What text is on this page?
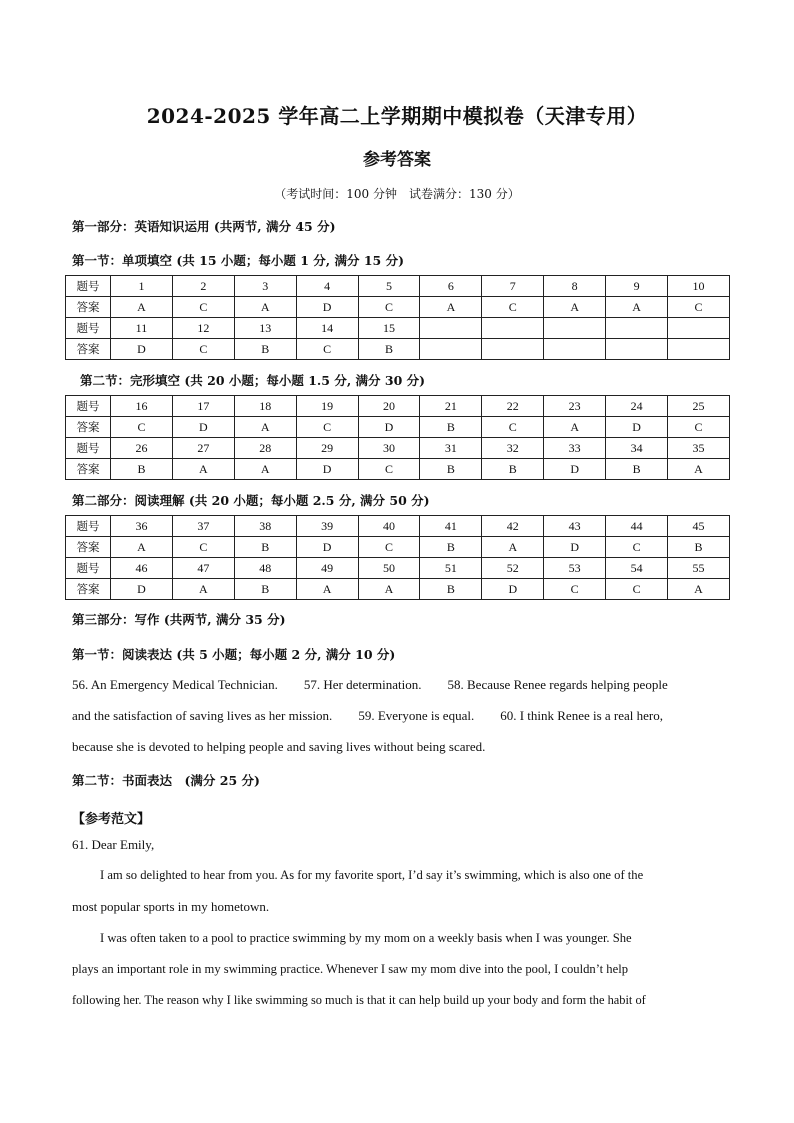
2024-2025 学年高二上学期期中模拟卷（天津专用）
参考答案
（考试时间：100 分钟　试卷满分：130 分）
第一部分：英语知识运用 (共两节, 满分 45 分)
第一节：单项填空 (共 15 小题；每小题 1 分, 满分 15 分)
题号	1	2	3	4	5	6	7	8	9	10
答案	A	C	A	D	C	A	C	A	A	C
题号	11	12	13	14	15					
答案	D	C	B	C	B					
第二节：完形填空 (共 20 小题；每小题 1.5 分, 满分 30 分)
题号	16	17	18	19	20	21	22	23	24	25
答案	C	D	A	C	D	B	C	A	D	C
题号	26	27	28	29	30	31	32	33	34	35
答案	B	A	A	D	C	B	B	D	B	A
第二部分：阅读理解 (共 20 小题；每小题 2.5 分, 满分 50 分)
题号	36	37	38	39	40	41	42	43	44	45
答案	A	C	B	D	C	B	A	D	C	B
题号	46	47	48	49	50	51	52	53	54	55
答案	D	A	B	A	A	B	D	C	C	A
第三部分：写作 (共两节, 满分 35 分)
第一节：阅读表达 (共 5 小题；每小题 2 分, 满分 10 分)
56. An Emergency Medical Technician. 57. Her determination. 58. Because Renee regards helping people
and the satisfaction of saving lives as her mission. 59. Everyone is equal. 60. I think Renee is a real hero,
because she is devoted to helping people and saving lives without being scared.
第二节：书面表达　(满分 25 分)
【参考范文】
61. Dear Emily,
I am so delighted to hear from you. As for my favorite sport, I’d say it’s swimming, which is also one of the
most popular sports in my hometown.
I was often taken to a pool to practice swimming by my mom on a weekly basis when I was younger. She
plays an important role in my swimming practice. Whenever I saw my mom dive into the pool, I couldn’t help
following her. The reason why I like swimming so much is that it can help build up your body and form the habit of
